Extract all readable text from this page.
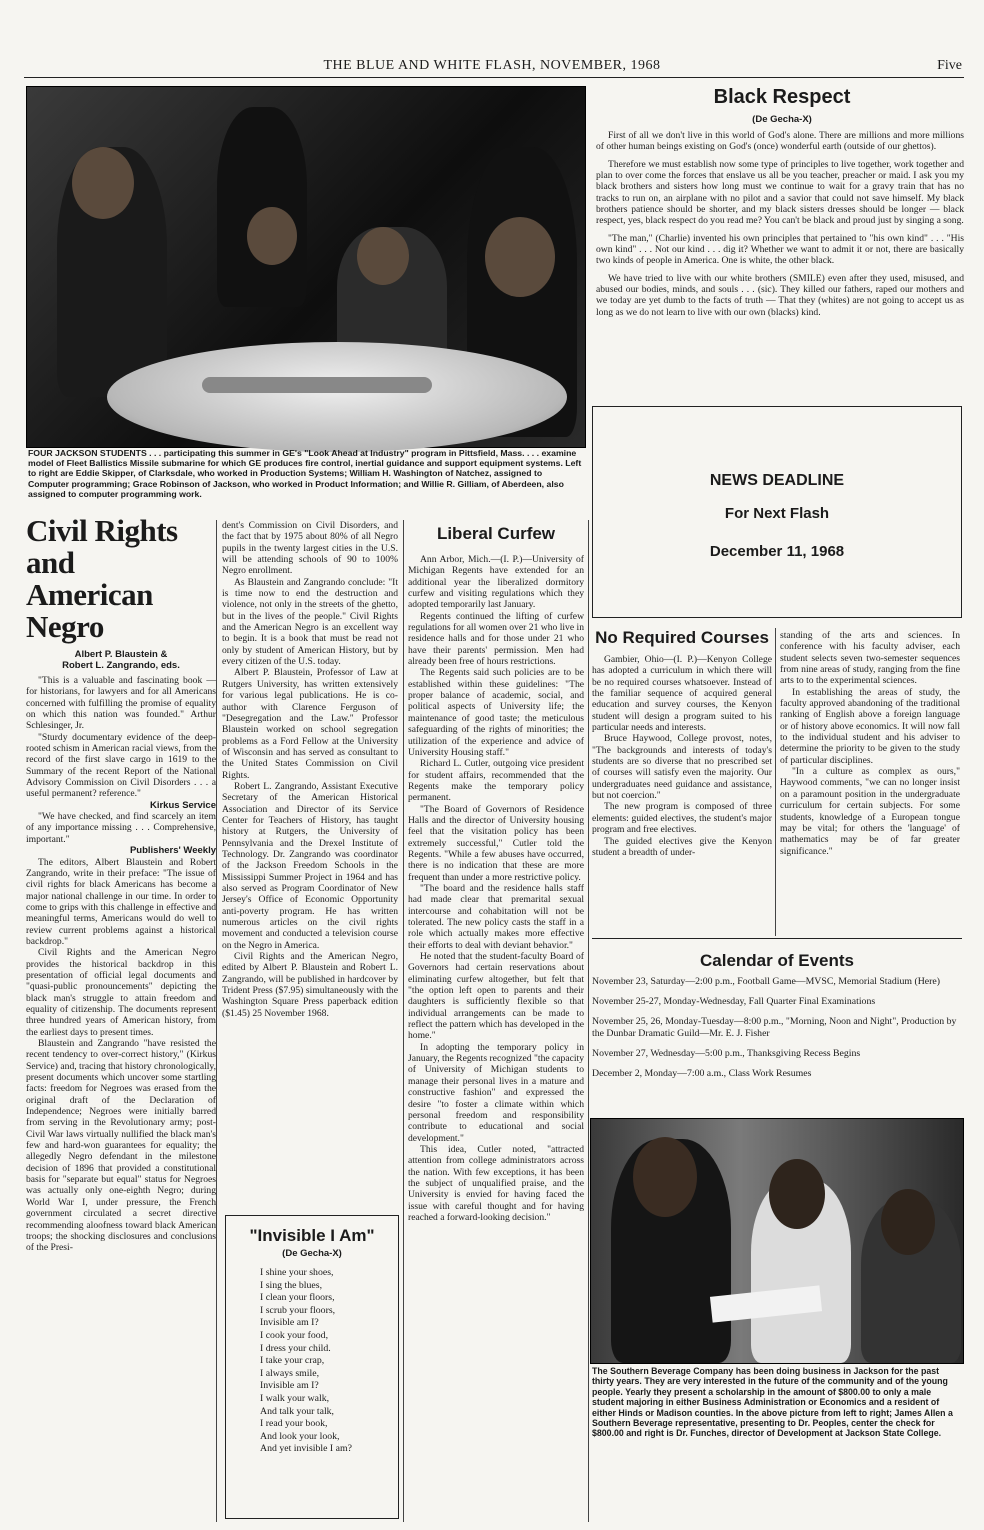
THE BLUE AND WHITE FLASH, NOVEMBER, 1968	Five
FOUR JACKSON STUDENTS . . . participating this summer in GE's "Look Ahead at Industry" program in Pittsfield, Mass. . . . examine model of Fleet Ballistics Missile submarine for which GE produces fire control, inertial guidance and support equipment systems. Left to right are Eddie Skipper, of Clarksdale, who worked in Production Systems; William H. Washington of Natchez, assigned to Computer programming; Grace Robinson of Jackson, who worked in Product Information; and Willie R. Gilliam, of Aberdeen, also assigned to computer programming work.
Black Respect
(De Gecha-X)

First of all we don't live in this world of God's alone. There are millions and more millions of other human beings existing on God's (once) wonderful earth (outside of our ghettos).

Therefore we must establish now some type of principles to live together, work together and plan to over come the forces that enslave us all be you teacher, preacher or maid. I ask you my black brothers and sisters how long must we continue to wait for a gravy train that has no tracks to run on, an airplane with no pilot and a savior that could not save himself. My black brothers patience should be shorter, and my black sisters dresses should be longer — black respect, yes, black respect do you read me? You can't be black and proud just by singing a song.

"The man," (Charlie) invented his own principles that pertained to "his own kind" . . . "His own kind" . . . Not our kind . . . dig it? Whether we want to admit it or not, there are basically two kinds of people in America. One is white, the other black.

We have tried to live with our white brothers (SMILE) even after they used, misused, and abused our bodies, minds, and souls . . . (sic). They killed our fathers, raped our mothers and we today are yet dumb to the facts of truth — That they (whites) are not going to accept us as long as we do not learn to live with our own (blacks) kind.

NEWS DEADLINE
For Next Flash
December 11, 1968
Civil Rights and
American Negro
Albert P. Blaustein &
Robert L. Zangrando, eds.

"This is a valuable and fascinating book — for historians, for lawyers and for all Americans concerned with fulfilling the promise of equality on which this nation was founded." Arthur Schlesinger, Jr.

"Sturdy documentary evidence of the deep-rooted schism in American racial views, from the record of the first slave cargo in 1619 to the Summary of the recent Report of the National Advisory Commission on Civil Disorders . . . a useful permanent? reference."

Kirkus Service

"We have checked, and find scarcely an item of any importance missing . . . Comprehensive, important."

Publishers' Weekly

The editors, Albert Blaustein and Robert Zangrando, write in their preface: "The issue of civil rights for black Americans has become a major national challenge in our time. In order to come to grips with this challenge in effective and meaningful terms, Americans would do well to review current problems against a historical backdrop."

Civil Rights and the American Negro provides the historical backdrop in this presentation of official legal documents and "quasi-public pronouncements" depicting the black man's struggle to attain freedom and equality of citizenship. The documents represent three hundred years of American history, from the earliest days to present times.

Blaustein and Zangrando "have resisted the recent tendency to over-correct history," (Kirkus Service) and, tracing that history chronologically, present documents which uncover some startling facts: freedom for Negroes was erased from the original draft of the Declaration of Independence; Negroes were initially barred from serving in the Revolutionary army; post-Civil War laws virtually nullified the black man's few and hard-won guarantees for equality; the allegedly Negro defendant in the milestone decision of 1896 that provided a constitutional basis for "separate but equal" status for Negroes was actually only one-eighth Negro; during World War I, under pressure, the French government circulated a secret directive recommending aloofness toward black American troops; the shocking disclosures and conclusions of the Presi-

dent's Commission on Civil Disorders, and the fact that by 1975 about 80% of all Negro pupils in the twenty largest cities in the U.S. will be attending schools of 90 to 100% Negro enrollment.

As Blaustein and Zangrando conclude: "It is time now to end the destruction and violence, not only in the streets of the ghetto, but in the lives of the people." Civil Rights and the American Negro is an excellent way to begin. It is a book that must be read not only by student of American History, but by every citizen of the U.S. today.

Albert P. Blaustein, Professor of Law at Rutgers University, has written extensively for various legal publications. He is co-author with Clarence Ferguson of "Desegregation and the Law." Professor Blaustein worked on school segregation problems as a Ford Fellow at the University of Wisconsin and has served as consultant to the United States Commission on Civil Rights.

Robert L. Zangrando, Assistant Executive Secretary of the American Historical Association and Director of its Service Center for Teachers of History, has taught history at Rutgers, the University of Pennsylvania and the Drexel Institute of Technology. Dr. Zangrando was coordinator of the Jackson Freedom Schools in the Mississippi Summer Project in 1964 and has also served as Program Coordinator of New Jersey's Office of Economic Opportunity anti-poverty program. He has written numerous articles on the civil rights movement and conducted a television course on the Negro in America.

Civil Rights and the American Negro, edited by Albert P. Blaustein and Robert L. Zangrando, will be published in hardcover by Trident Press ($7.95) simultaneously with the Washington Square Press paperback edition ($1.45) 25 November 1968.

"Invisible I Am"
(De Gecha-X)
I shine your shoes,
I sing the blues,
I clean your floors,
I scrub your floors,
Invisible am I?
I cook your food,
I dress your child.
I take your crap,
I always smile,
Invisible am I?
I walk your walk,
And talk your talk,
I read your book,
And look your look,
And yet invisible I am?
Liberal Curfew

Ann Arbor, Mich.—(I. P.)—University of Michigan Regents have extended for an additional year the liberalized dormitory curfew and visiting regulations which they adopted temporarily last January.

Regents continued the lifting of curfew regulations for all women over 21 who live in residence halls and for those under 21 who have their parents' permission. Men had already been free of hours restrictions.

The Regents said such policies are to be established within these guidelines: "The proper balance of academic, social, and political aspects of University life; the maintenance of good taste; the meticulous safeguarding of the rights of minorities; the utilization of the experience and advice of University Housing staff."

Richard L. Cutler, outgoing vice president for student affairs, recommended that the Regents make the temporary policy permanent.

"The Board of Governors of Residence Halls and the director of University housing feel that the visitation policy has been extremely successful," Cutler told the Regents. "While a few abuses have occurred, there is no indication that these are more frequent than under a more restrictive policy.

"The board and the residence halls staff had made clear that premarital sexual intercourse and cohabitation will not be tolerated. The new policy casts the staff in a role which actually makes more effective their efforts to deal with deviant behavior."

He noted that the student-faculty Board of Governors had certain reservations about eliminating curfew altogether, but felt that "the option left open to parents and their daughters is sufficiently flexible so that individual arrangements can be made to reflect the pattern which has developed in the home."

In adopting the temporary policy in January, the Regents recognized "the capacity of University of Michigan students to manage their personal lives in a mature and constructive fashion" and expressed the desire "to foster a climate within which personal freedom and responsibility contribute to educational and social development."

This idea, Cutler noted, "attracted attention from college administrators across the nation. With few exceptions, it has been the subject of unqualified praise, and the University is envied for having faced the issue with careful thought and for having reached a forward-looking decision."

No Required Courses

Gambier, Ohio—(I. P.)—Kenyon College has adopted a curriculum in which there will be no required courses whatsoever. Instead of the familiar sequence of acquired general education and survey courses, the Kenyon student will design a program suited to his particular needs and interests.

Bruce Haywood, College provost, notes, "The backgrounds and interests of today's students are so diverse that no prescribed set of courses will satisfy even the majority. Our undergraduates need guidance and assistance, but not coercion."

The new program is composed of three elements: guided electives, the student's major program and free electives.

The guided electives give the Kenyon student a breadth of under-

standing of the arts and sciences. In conference with his faculty adviser, each student selects seven two-semester sequences from nine areas of study, ranging from the fine arts to to the experimental sciences.

In establishing the areas of study, the faculty approved abandoning of the traditional ranking of English above a foreign language or of history above economics. It will now fall to the individual student and his adviser to determine the priority to be given to the study of particular disciplines.

"In a culture as complex as ours," Haywood comments, "we can no longer insist on a paramount position in the undergraduate curriculum for certain subjects. For some students, knowledge of a European tongue may be vital; for others the 'language' of mathematics may be of far greater significance."

Calendar of Events
November 23, Saturday—2:00 p.m., Football Game—MVSC, Memorial Stadium (Here)
November 25-27, Monday-Wednesday, Fall Quarter Final Examinations
November 25, 26, Monday-Tuesday—8:00 p.m., "Morning, Noon and Night", Production by the Dunbar Dramatic Guild—Mr. E. J. Fisher
November 27, Wednesday—5:00 p.m., Thanksgiving Recess Begins
December 2, Monday—7:00 a.m., Class Work Resumes
The Southern Beverage Company has been doing business in Jackson for the past thirty years. They are very interested in the future of the community and of the young people. Yearly they present a scholarship in the amount of $800.00 to only a male student majoring in either Business Administration or Economics and a resident of either Hinds or Madison counties. In the above picture from left to right; James Allen a Southern Beverage representative, presenting to Dr. Peoples, center the check for $800.00 and right is Dr. Funches, director of Development at Jackson State College.
